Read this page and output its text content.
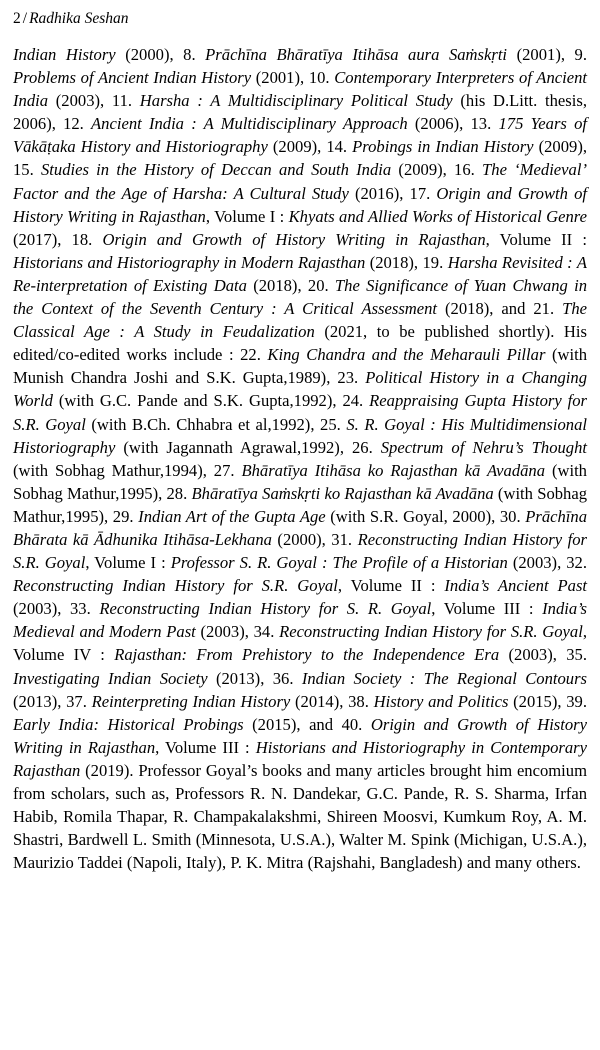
2 / Radhika Seshan

Indian History (2000), 8. Prāchīna Bhāratīya Itihāsa aura Saṁskṛti (2001), 9. Problems of Ancient Indian History (2001), 10. Contemporary Interpreters of Ancient India (2003), 11. Harsha : A Multidisciplinary Political Study (his D.Litt. thesis, 2006), 12. Ancient India : A Multidisciplinary Approach (2006), 13. 175 Years of Vākāṭaka History and Historiography (2009), 14. Probings in Indian History (2009), 15. Studies in the History of Deccan and South India (2009), 16. The ‘Medieval’ Factor and the Age of Harsha: A Cultural Study (2016), 17. Origin and Growth of History Writing in Rajasthan, Volume I : Khyats and Allied Works of Historical Genre (2017), 18. Origin and Growth of History Writing in Rajasthan, Volume II : Historians and Historiography in Modern Rajasthan (2018), 19. Harsha Revisited : A Re-interpretation of Existing Data (2018), 20. The Significance of Yuan Chwang in the Context of the Seventh Century : A Critical Assessment (2018), and 21. The Classical Age : A Study in Feudalization (2021, to be published shortly). His edited/co-edited works include : 22. King Chandra and the Meharauli Pillar (with Munish Chandra Joshi and S.K. Gupta,1989), 23. Political History in a Changing World (with G.C. Pande and S.K. Gupta,1992), 24. Reappraising Gupta History for S.R. Goyal (with B.Ch. Chhabra et al,1992), 25. S. R. Goyal : His Multidimensional Historiography (with Jagannath Agrawal,1992), 26. Spectrum of Nehru’s Thought (with Sobhag Mathur,1994), 27. Bhāratīya Itihāsa ko Rajasthan kā Avadāna (with Sobhag Mathur,1995), 28. Bhāratīya Saṁskṛti ko Rajasthan kā Avadāna (with Sobhag Mathur,1995), 29. Indian Art of the Gupta Age (with S.R. Goyal, 2000), 30. Prāchīna Bhārata kā Ādhunika Itihāsa-Lekhana (2000), 31. Reconstructing Indian History for S.R. Goyal, Volume I : Professor S. R. Goyal : The Profile of a Historian (2003), 32. Reconstructing Indian History for S.R. Goyal, Volume II : India’s Ancient Past (2003), 33. Reconstructing Indian History for S. R. Goyal, Volume III : India’s Medieval and Modern Past (2003), 34. Reconstructing Indian History for S.R. Goyal, Volume IV : Rajasthan: From Prehistory to the Independence Era (2003), 35. Investigating Indian Society (2013), 36. Indian Society : The Regional Contours (2013), 37. Reinterpreting Indian History (2014), 38. History and Politics (2015), 39. Early India: Historical Probings (2015), and 40. Origin and Growth of History Writing in Rajasthan, Volume III : Historians and Historiography in Contemporary Rajasthan (2019). Professor Goyal’s books and many articles brought him encomium from scholars, such as, Professors R. N. Dandekar, G.C. Pande, R. S. Sharma, Irfan Habib, Romila Thapar, R. Champakalakshmi, Shireen Moosvi, Kumkum Roy, A. M. Shastri, Bardwell L. Smith (Minnesota, U.S.A.), Walter M. Spink (Michigan, U.S.A.), Maurizio Taddei (Napoli, Italy), P. K. Mitra (Rajshahi, Bangladesh) and many others.
